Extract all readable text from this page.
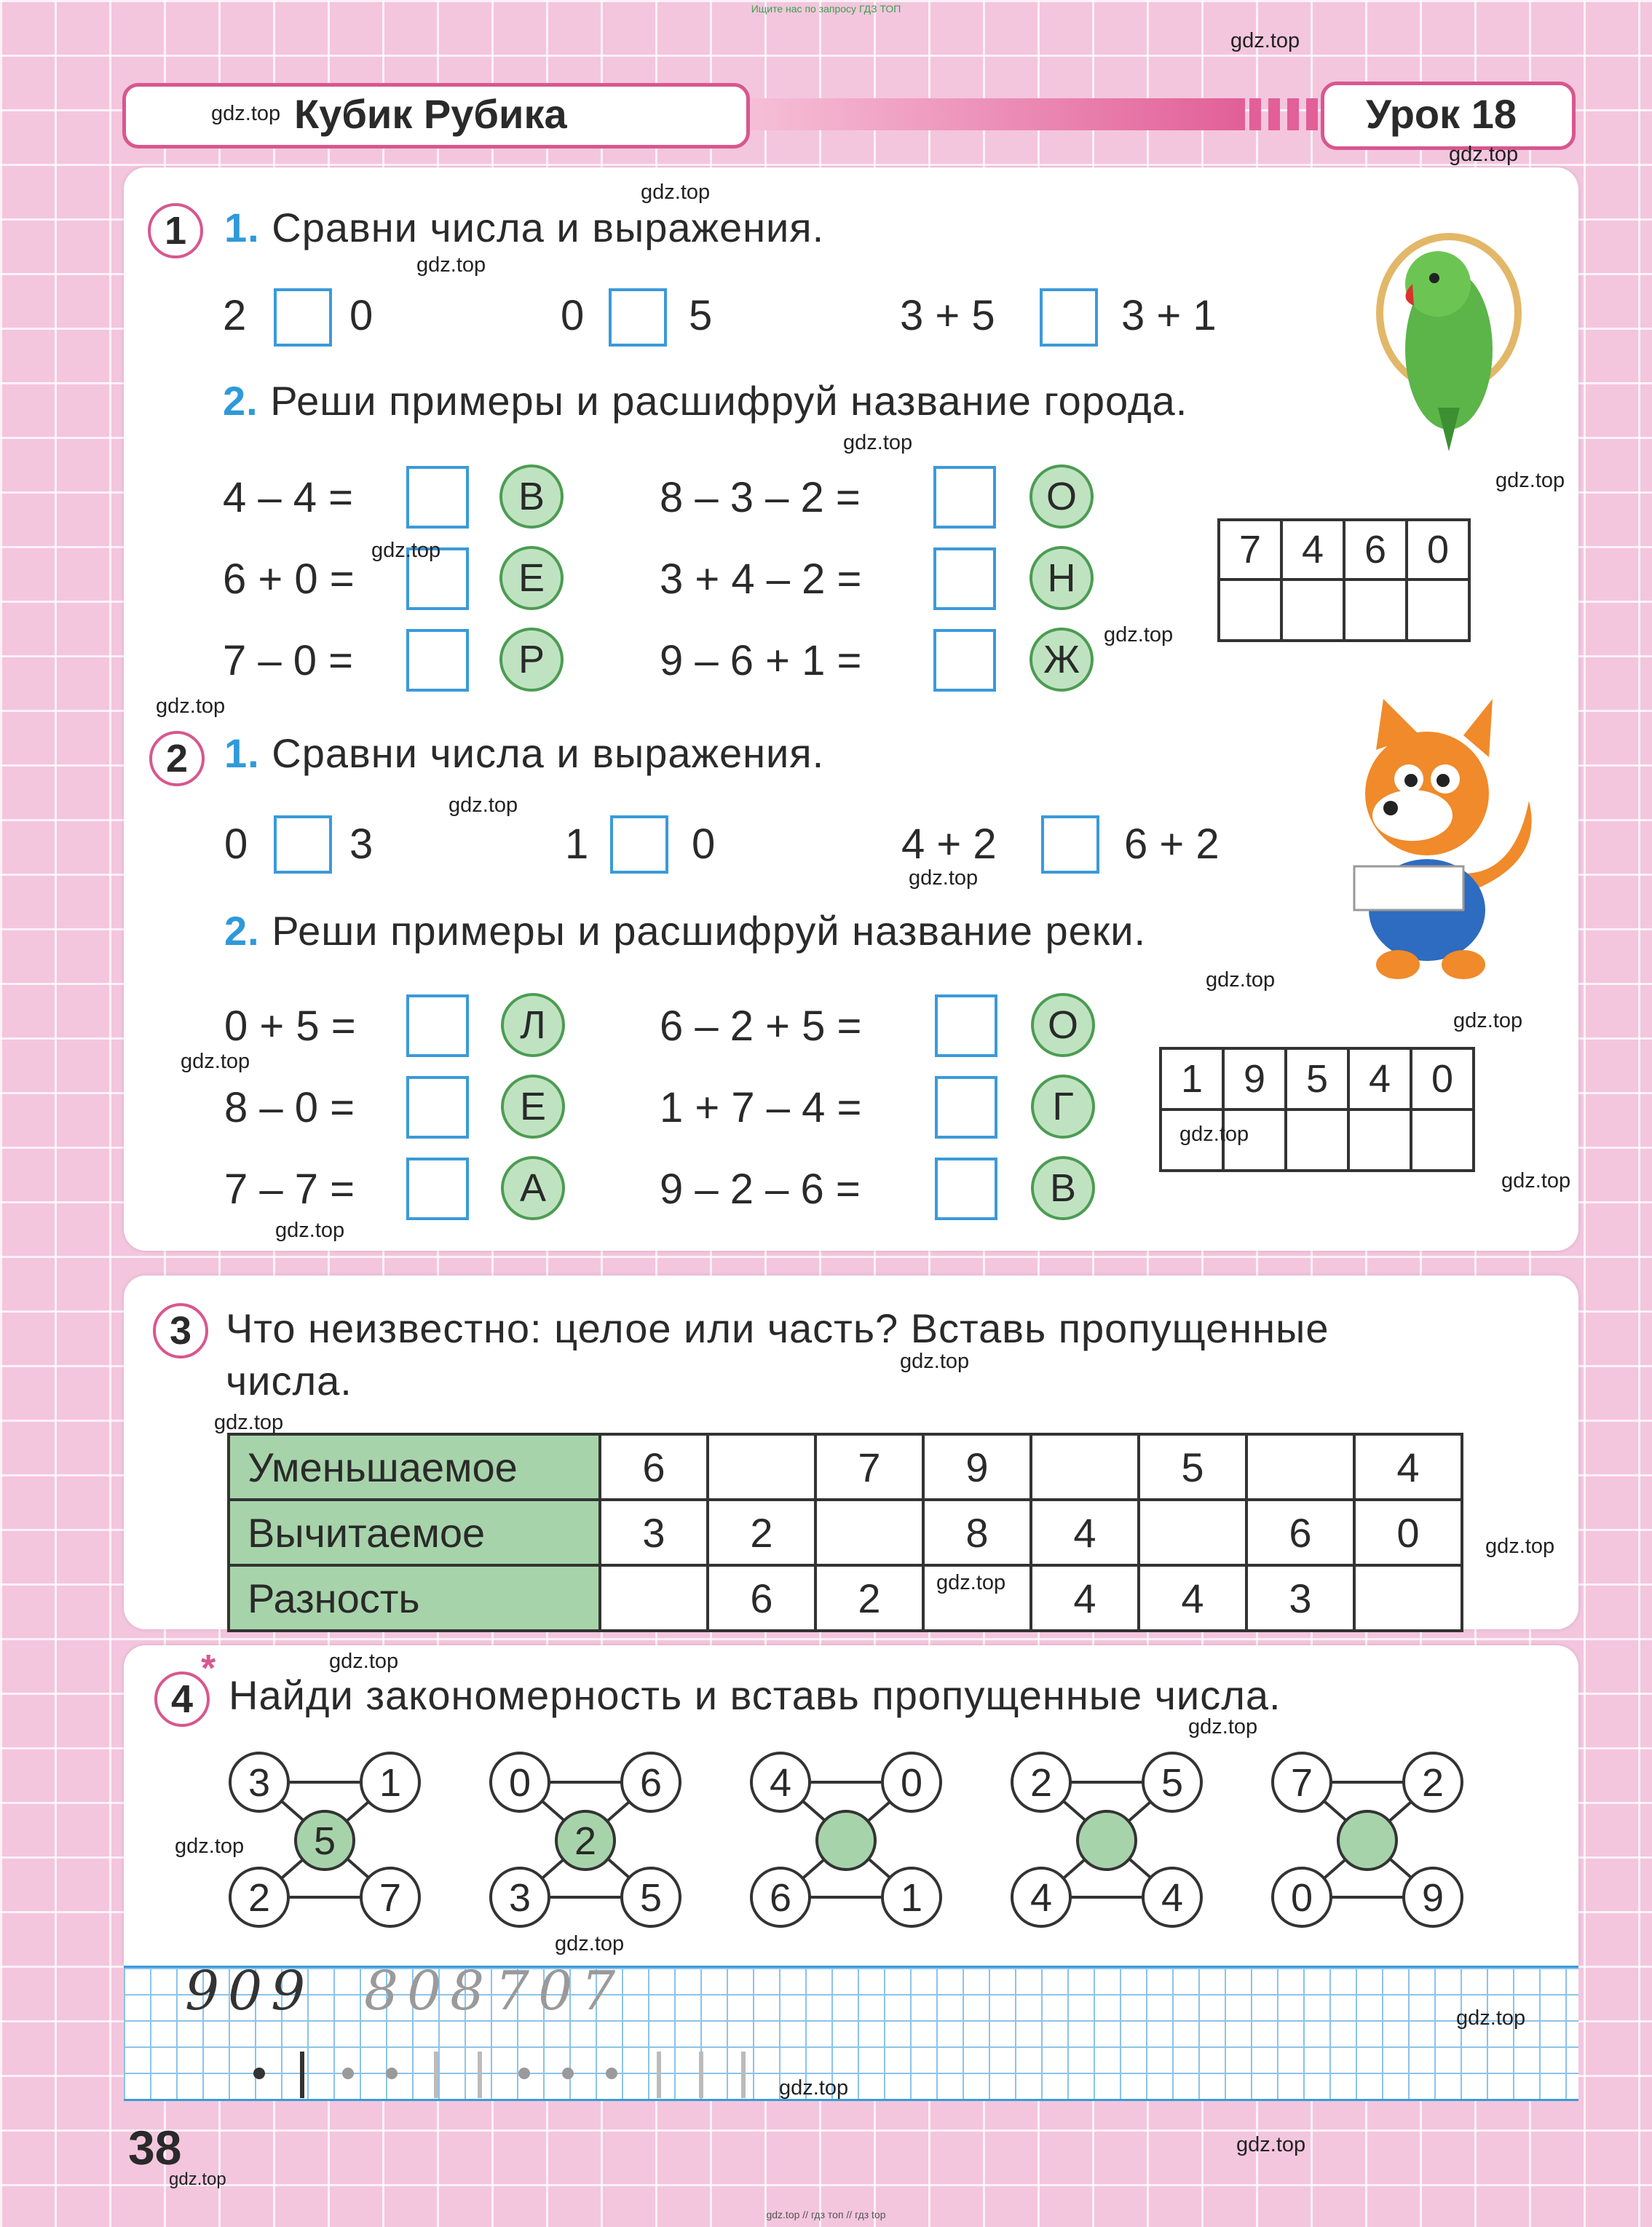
Ищите нас по запросу ГДЗ ТОП
gdz.top Кубик Рубика	Урок 18
1 1. Сравни числа и выражения.
2 0	0 5	3 + 5	3 + 1
2. Реши примеры и расшифруй название города.
4 – 4 =	В
6 + 0 =	Е
7 – 0 =	Р
8 – 3 – 2 =	О
3 + 4 – 2 =	Н
9 – 6 + 1 =	Ж
7	4	6	0

2 1. Сравни числа и выражения.
0 3	1 0	4 + 2	6 + 2
2. Реши примеры и расшифруй название реки.
0 + 5 =	Л
8 – 0 =	Е
7 – 7 =	А
6 – 2 + 5 =	О
1 + 7 – 4 =	Г
9 – 2 – 6 =	В
1	9	5	4	0

3 Что неизвестно: целое или часть? Вставь пропущенные
числа.
Уменьшаемое	6		7	9		5		4
Вычитаемое	3	2		8	4		6	0
Разность		6	2		4	4	3	
4
*
Найди закономерность и вставь пропущенные числа.
3	1
5
2	7
0	6
2
3	5
4	0
6	1
2	5
4	4
7	2
0	9
909 808 707
38
gdz.top
gdz.top
gdz.top
gdz.top
gdz.top
gdz.top
gdz.top
gdz.top
gdz.top
gdz.top
gdz.top
gdz.top
gdz.top
gdz.top
gdz.top
gdz.top
gdz.top
gdz.top
gdz.top
gdz.top
gdz.top
gdz.top
gdz.top
gdz.top
gdz.top
gdz.top
gdz.top
gdz.top
gdz.top
gdz.top // гдз топ // гдз top
